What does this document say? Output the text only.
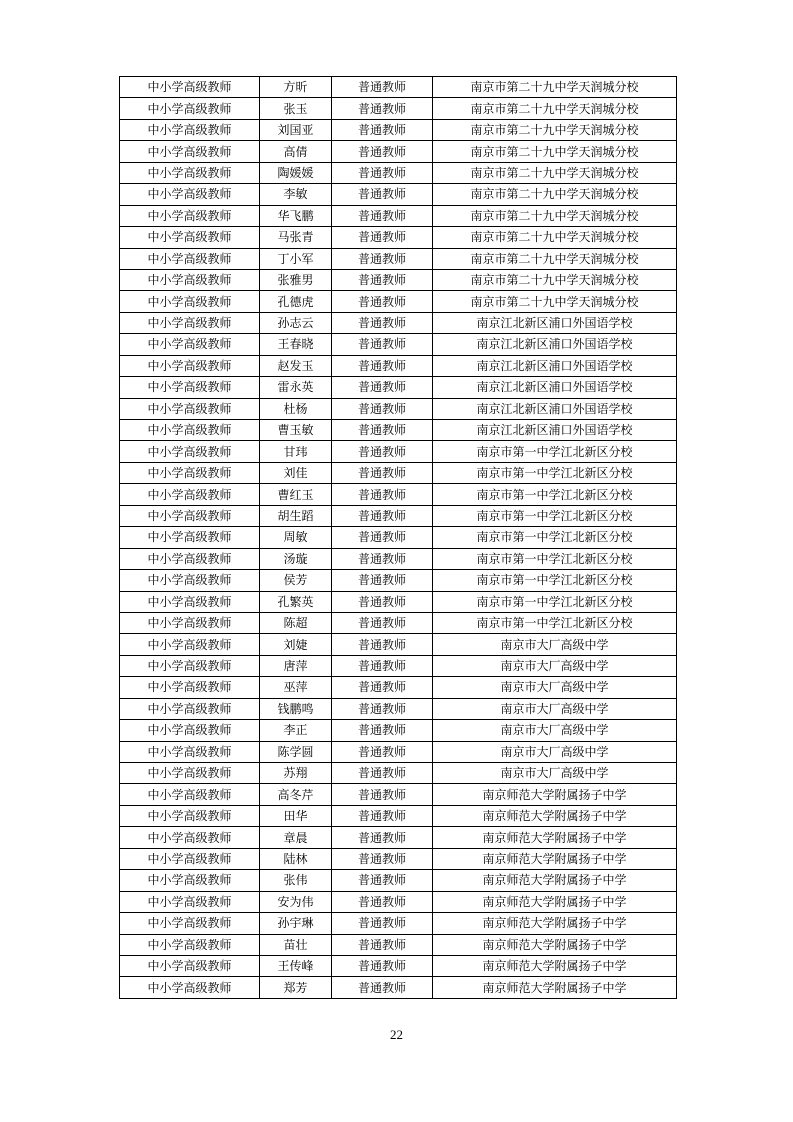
中小学高级教师	方昕	普通教师	南京市第二十九中学天润城分校
中小学高级教师	张玉	普通教师	南京市第二十九中学天润城分校
中小学高级教师	刘国亚	普通教师	南京市第二十九中学天润城分校
中小学高级教师	高倩	普通教师	南京市第二十九中学天润城分校
中小学高级教师	陶媛媛	普通教师	南京市第二十九中学天润城分校
中小学高级教师	李敏	普通教师	南京市第二十九中学天润城分校
中小学高级教师	华飞鹏	普通教师	南京市第二十九中学天润城分校
中小学高级教师	马张青	普通教师	南京市第二十九中学天润城分校
中小学高级教师	丁小军	普通教师	南京市第二十九中学天润城分校
中小学高级教师	张雅男	普通教师	南京市第二十九中学天润城分校
中小学高级教师	孔德虎	普通教师	南京市第二十九中学天润城分校
中小学高级教师	孙志云	普通教师	南京江北新区浦口外国语学校
中小学高级教师	王春晓	普通教师	南京江北新区浦口外国语学校
中小学高级教师	赵发玉	普通教师	南京江北新区浦口外国语学校
中小学高级教师	雷永英	普通教师	南京江北新区浦口外国语学校
中小学高级教师	杜杨	普通教师	南京江北新区浦口外国语学校
中小学高级教师	曹玉敏	普通教师	南京江北新区浦口外国语学校
中小学高级教师	甘玮	普通教师	南京市第一中学江北新区分校
中小学高级教师	刘佳	普通教师	南京市第一中学江北新区分校
中小学高级教师	曹红玉	普通教师	南京市第一中学江北新区分校
中小学高级教师	胡生蹈	普通教师	南京市第一中学江北新区分校
中小学高级教师	周敏	普通教师	南京市第一中学江北新区分校
中小学高级教师	汤璇	普通教师	南京市第一中学江北新区分校
中小学高级教师	侯芳	普通教师	南京市第一中学江北新区分校
中小学高级教师	孔繁英	普通教师	南京市第一中学江北新区分校
中小学高级教师	陈超	普通教师	南京市第一中学江北新区分校
中小学高级教师	刘婕	普通教师	南京市大厂高级中学
中小学高级教师	唐萍	普通教师	南京市大厂高级中学
中小学高级教师	巫萍	普通教师	南京市大厂高级中学
中小学高级教师	钱鹏鸣	普通教师	南京市大厂高级中学
中小学高级教师	李正	普通教师	南京市大厂高级中学
中小学高级教师	陈学圆	普通教师	南京市大厂高级中学
中小学高级教师	苏翔	普通教师	南京市大厂高级中学
中小学高级教师	高冬芹	普通教师	南京师范大学附属扬子中学
中小学高级教师	田华	普通教师	南京师范大学附属扬子中学
中小学高级教师	章晨	普通教师	南京师范大学附属扬子中学
中小学高级教师	陆林	普通教师	南京师范大学附属扬子中学
中小学高级教师	张伟	普通教师	南京师范大学附属扬子中学
中小学高级教师	安为伟	普通教师	南京师范大学附属扬子中学
中小学高级教师	孙宇琳	普通教师	南京师范大学附属扬子中学
中小学高级教师	苗壮	普通教师	南京师范大学附属扬子中学
中小学高级教师	王传峰	普通教师	南京师范大学附属扬子中学
中小学高级教师	郑芳	普通教师	南京师范大学附属扬子中学
22
